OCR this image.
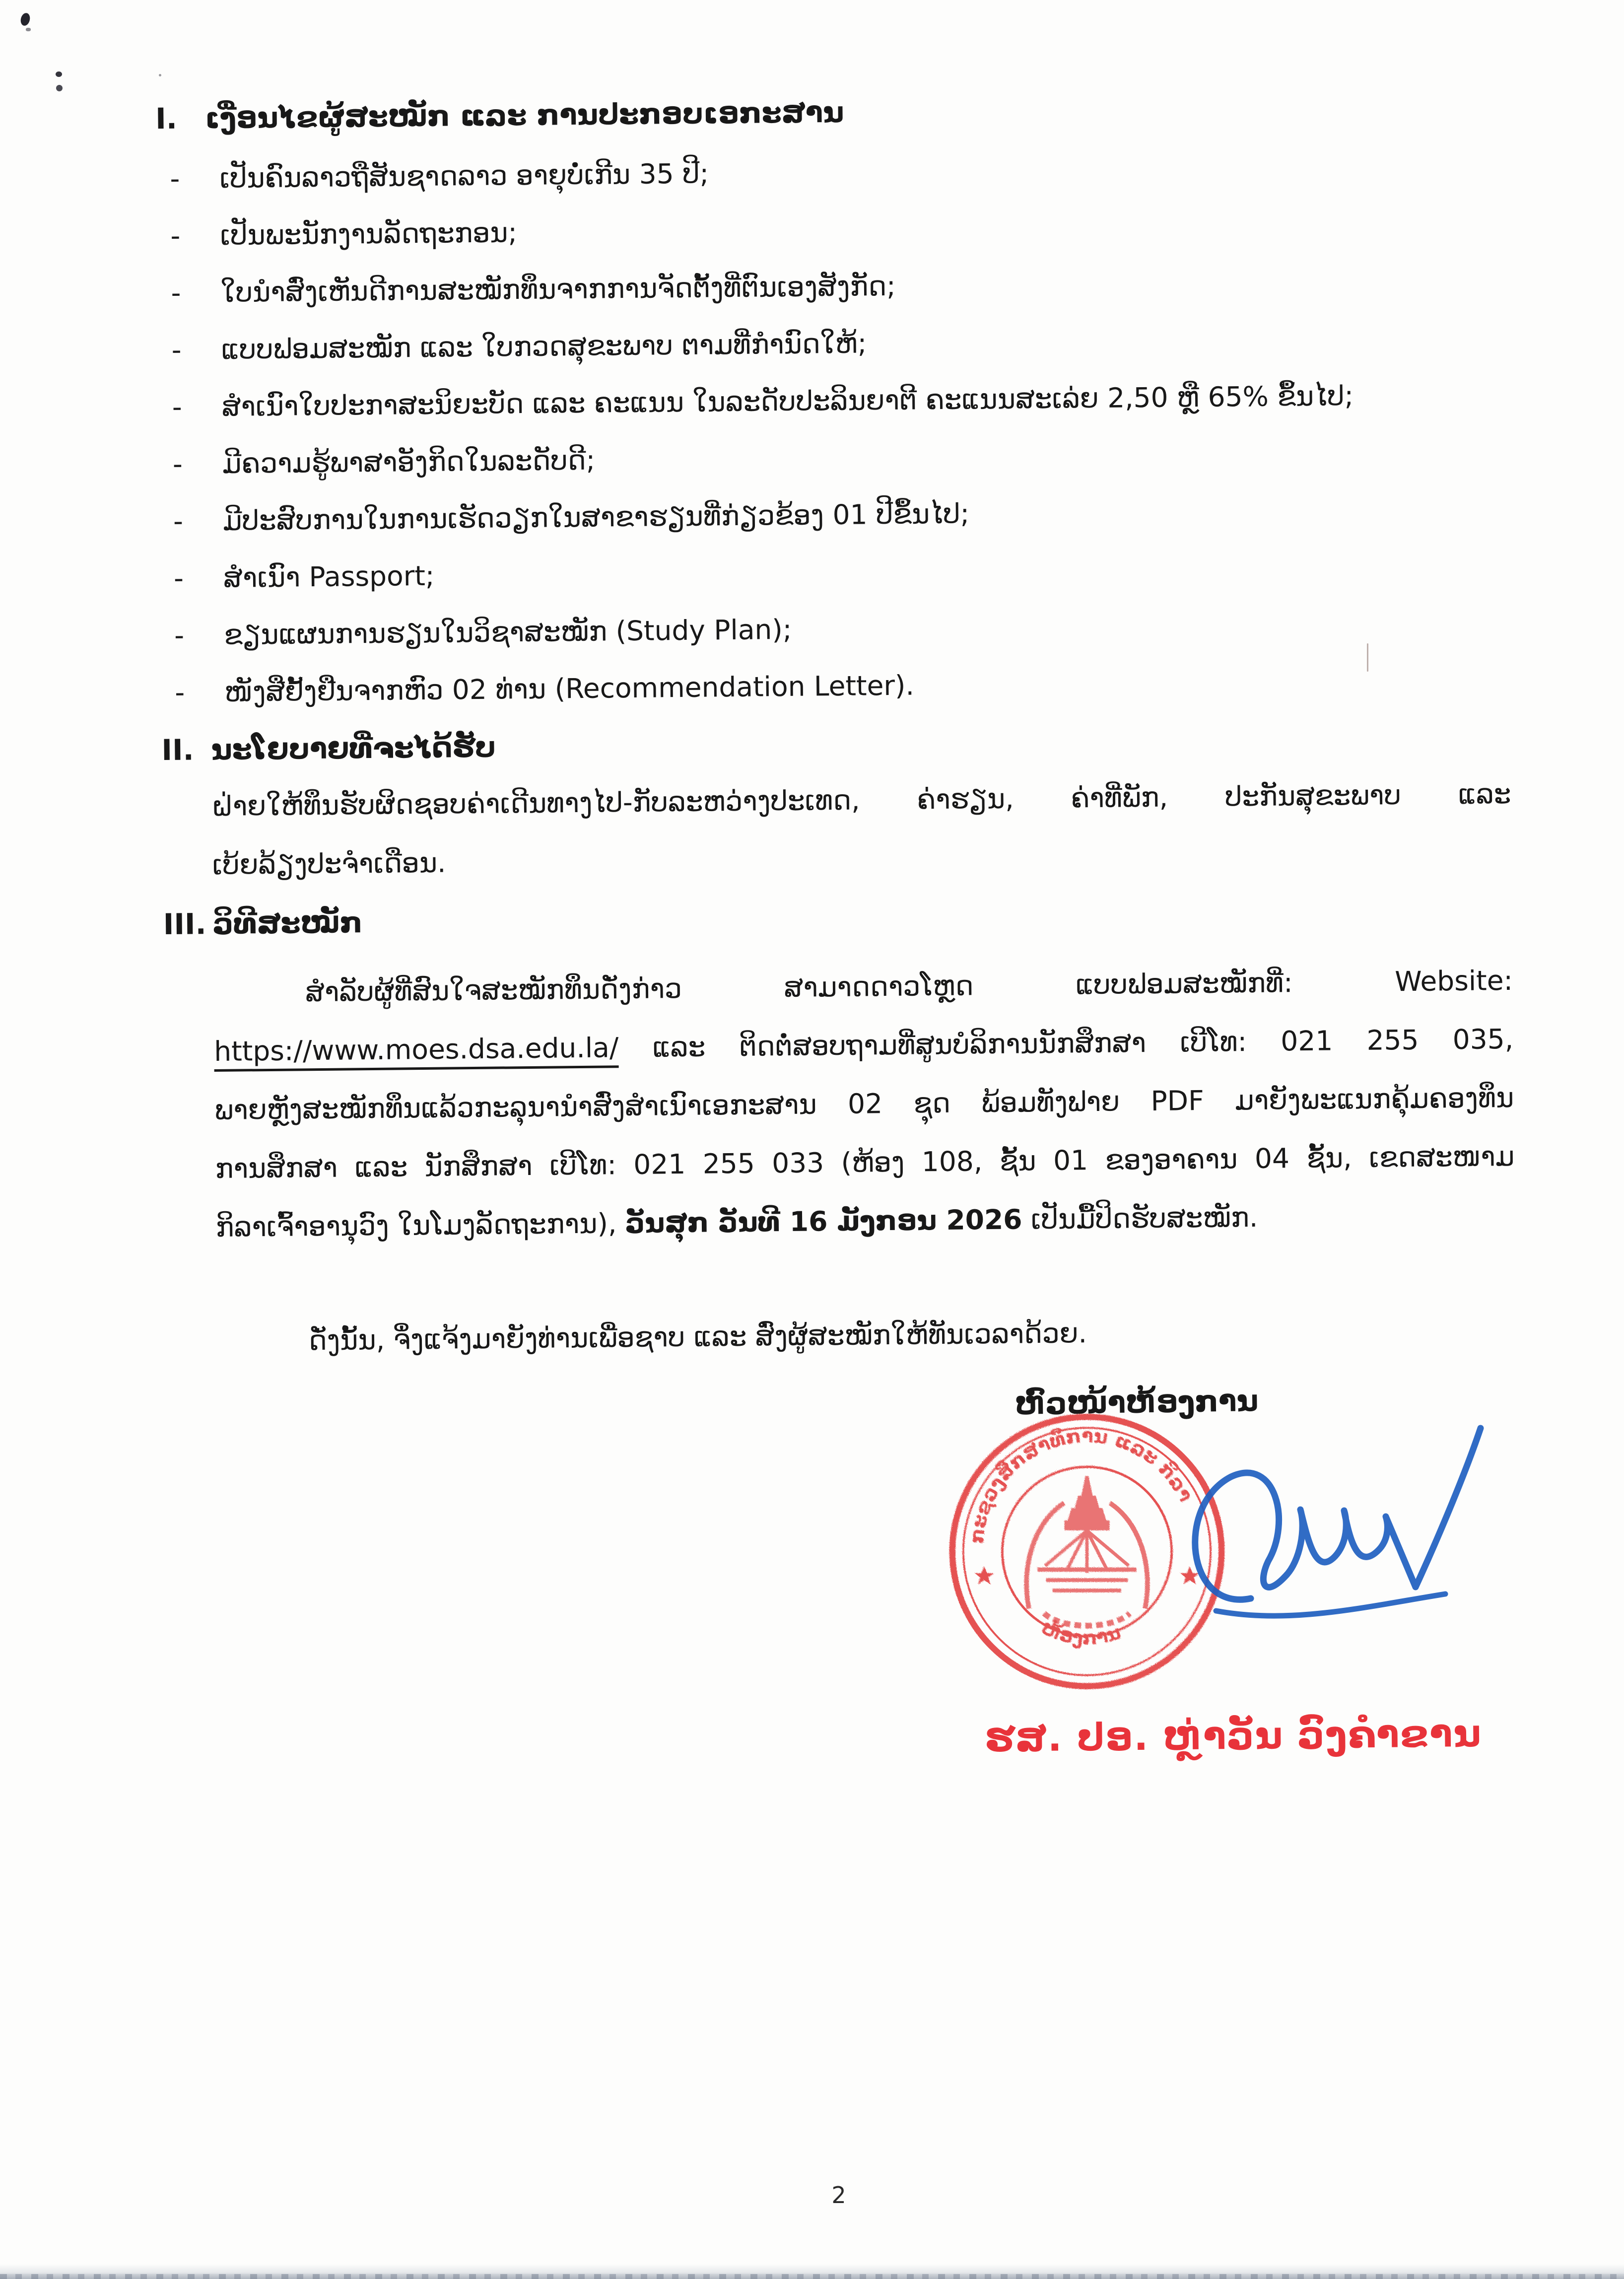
I. ເງື່ອນໄຂຜູ້ສະໝັກ ແລະ ການປະກອບເອກະສານ
-	ເປັນຄົນລາວຖືສັນຊາດລາວ ອາຍຸບໍ່ເກີນ 35 ປີ;
-	ເປັນພະນັກງານລັດຖະກອນ;
-	ໃບນຳສົ່ງເຫັນດີການສະໝັກທຶນຈາກການຈັດຕັ້ງທີ່ຕົນເອງສັງກັດ;
-	ແບບຟອມສະໝັກ ແລະ ໃບກວດສຸຂະພາບ ຕາມທີ່ກຳນົດໃຫ້;
-	ສຳເນົາໃບປະກາສະນິຍະບັດ ແລະ ຄະແນນ ໃນລະດັບປະລິນຍາຕີ ຄະແນນສະເລ່ຍ 2,50 ຫຼື 65% ຂຶ້ນໄປ;
-	ມີຄວາມຮູ້ພາສາອັງກິດໃນລະດັບດີ;
-	ມີປະສົບການໃນການເຮັດວຽກໃນສາຂາຮຽນທີ່ກ່ຽວຂ້ອງ 01 ປີຂຶ້ນໄປ;
-	ສຳເນົາ Passport;
-	ຂຽນແຜນການຮຽນໃນວິຊາສະໝັກ (Study Plan);
-	ໜັງສືຢັ້ງຢືນຈາກຫົວ 02 ທ່ານ (Recommendation Letter).
II. ນະໂຍບາຍທີ່ຈະໄດ້ຮັບ
ຝ່າຍໃຫ້ທຶນຮັບຜິດຊອບຄ່າເດີນທາງໄປ-ກັບລະຫວ່າງປະເທດ, ຄ່າຮຽນ, ຄ່າທີ່ພັກ, ປະກັນສຸຂະພາບ ແລະ
ເບ້ຍລ້ຽງປະຈຳເດືອນ.
III. ວິທີສະໝັກ
ສຳລັບຜູ້ທີ່ສົນໃຈສະໝັກທຶນດັ່ງກ່າວ ສາມາດດາວໂຫຼດ ແບບຟອມສະໝັກທີ່: Website:
https://www.moes.dsa.edu.la/ ແລະ ຕິດຕໍ່ສອບຖາມທີ່ສູນບໍລິການນັກສຶກສາ ເບີໂທ: 021 255 035,
ພາຍຫຼັງສະໝັກທຶນແລ້ວກະລຸນານຳສົ່ງສຳເນົາເອກະສານ 02 ຊຸດ ພ້ອມທັງຟາຍ PDF ມາຍັງພະແນກຄຸ້ມຄອງທຶນ
ການສຶກສາ ແລະ ນັກສຶກສາ ເບີໂທ: 021 255 033 (ຫ້ອງ 108, ຊັ້ນ 01 ຂອງອາຄານ 04 ຊັ້ນ, ເຂດສະໜາມ
ກິລາເຈົ້າອານຸວົງ ໃນໂມງລັດຖະການ), ວັນສຸກ ວັນທີ 16 ມັງກອນ 2026 ເປັນມື້ປິດຮັບສະໝັກ.
ດັ່ງນັ້ນ, ຈຶ່ງແຈ້ງມາຍັງທ່ານເພື່ອຊາບ ແລະ ສົ່ງຜູ້ສະໝັກໃຫ້ທັນເວລາດ້ວຍ.
ຫົວໜ້າຫ້ອງການ
ກະຊວງສຶກສາທິການ ແລະ ກິລາ
ຫ້ອງການ
ຮສ. ປອ. ຫຼ່າວັນ ວົງຄຳຂານ
2
